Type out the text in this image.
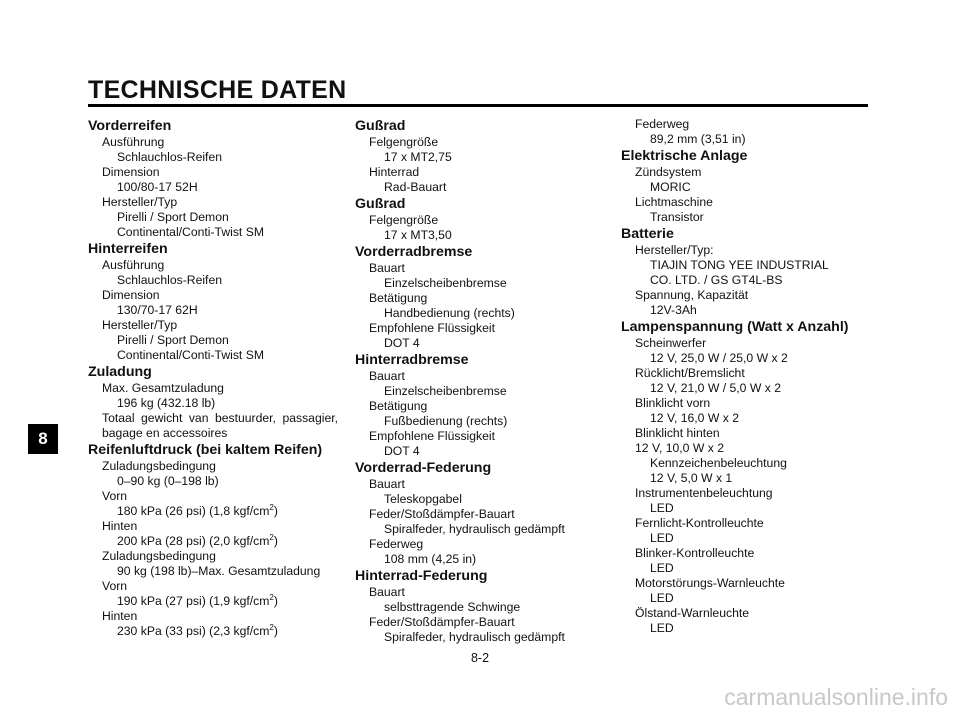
TECHNISCHE DATEN
Vorderreifen
Ausführung
Schlauchlos-Reifen
Dimension
100/80-17 52H
Hersteller/Typ
Pirelli / Sport Demon
Continental/Conti-Twist SM
Hinterreifen
Ausführung
Schlauchlos-Reifen
Dimension
130/70-17 62H
Hersteller/Typ
Pirelli / Sport Demon
Continental/Conti-Twist SM
Zuladung
Max. Gesamtzuladung
196 kg (432.18 lb)
Totaal gewicht van bestuurder, passagier,
bagage en accessoires
Reifenluftdruck (bei kaltem Reifen)
Zuladungsbedingung
0–90 kg (0–198 lb)
Vorn
180 kPa (26 psi) (1,8 kgf/$cm^2$)
Hinten
200 kPa (28 psi) (2,0 kgf/$cm^2$)
Zuladungsbedingung
90 kg (198 lb)–Max. Gesamtzuladung
Vorn
190 kPa (27 psi) (1,9 kgf/$cm^2$)
Hinten
230 kPa (33 psi) (2,3 kgf/$cm^2$)
Gußrad
Felgengröße
17 x MT2,75
Hinterrad
Rad-Bauart
Gußrad
Felgengröße
17 x MT3,50
Vorderradbremse
Bauart
Einzelscheibenbremse
Betätigung
Handbedienung (rechts)
Empfohlene Flüssigkeit
DOT 4
Hinterradbremse
Bauart
Einzelscheibenbremse
Betätigung
Fußbedienung (rechts)
Empfohlene Flüssigkeit
DOT 4
Vorderrad-Federung
Bauart
Teleskopgabel
Feder/Stoßdämpfer-Bauart
Spiralfeder, hydraulisch gedämpft
Federweg
108 mm (4,25 in)
Hinterrad-Federung
Bauart
selbsttragende Schwinge
Feder/Stoßdämpfer-Bauart
Spiralfeder, hydraulisch gedämpft
Federweg
89,2 mm (3,51 in)
Elektrische Anlage
Zündsystem
MORIC
Lichtmaschine
Transistor
Batterie
Hersteller/Typ:
TIAJIN TONG YEE INDUSTRIAL
CO. LTD. / GS GT4L-BS
Spannung, Kapazität
12V-3Ah
Lampenspannung (Watt x Anzahl)
Scheinwerfer
12 V, 25,0 W / 25,0 W x 2
Rücklicht/Bremslicht
12 V, 21,0 W / 5,0 W x 2
Blinklicht vorn
12 V, 16,0 W x 2
Blinklicht hinten
12 V, 10,0 W x 2
Kennzeichenbeleuchtung
12 V, 5,0 W x 1
Instrumentenbeleuchtung
LED
Fernlicht-Kontrolleuchte
LED
Blinker-Kontrolleuchte
LED
Motorstörungs-Warnleuchte
LED
Ölstand-Warnleuchte
LED
8
8-2
carmanualsonline.info
